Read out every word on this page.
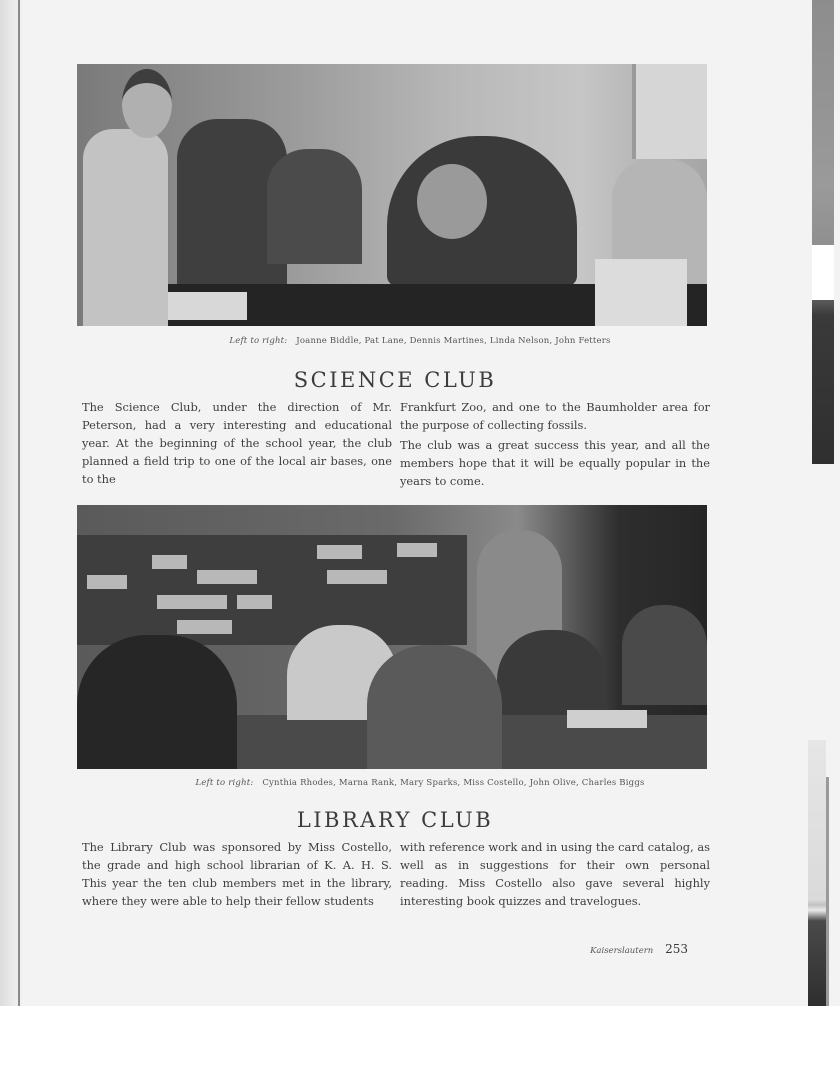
Left to right: Joanne Biddle, Pat Lane, Dennis Martines, Linda Nelson, John Fetters
SCIENCE CLUB

The Science Club, under the direction of Mr. Peterson, had a very interesting and educational year. At the beginning of the school year, the club planned a field trip to one of the local air bases, one to the

Frankfurt Zoo, and one to the Baumholder area for the purpose of collecting fossils.

The club was a great success this year, and all the members hope that it will be equally popular in the years to come.

Left to right: Cynthia Rhodes, Marna Rank, Mary Sparks, Miss Costello, John Olive, Charles Biggs
LIBRARY CLUB

The Library Club was sponsored by Miss Costello, the grade and high school librarian of K. A. H. S. This year the ten club members met in the library, where they were able to help their fellow students

with reference work and in using the card catalog, as well as in suggestions for their own personal reading. Miss Costello also gave several highly interesting book quizzes and travelogues.

Kaiserslautern 253
